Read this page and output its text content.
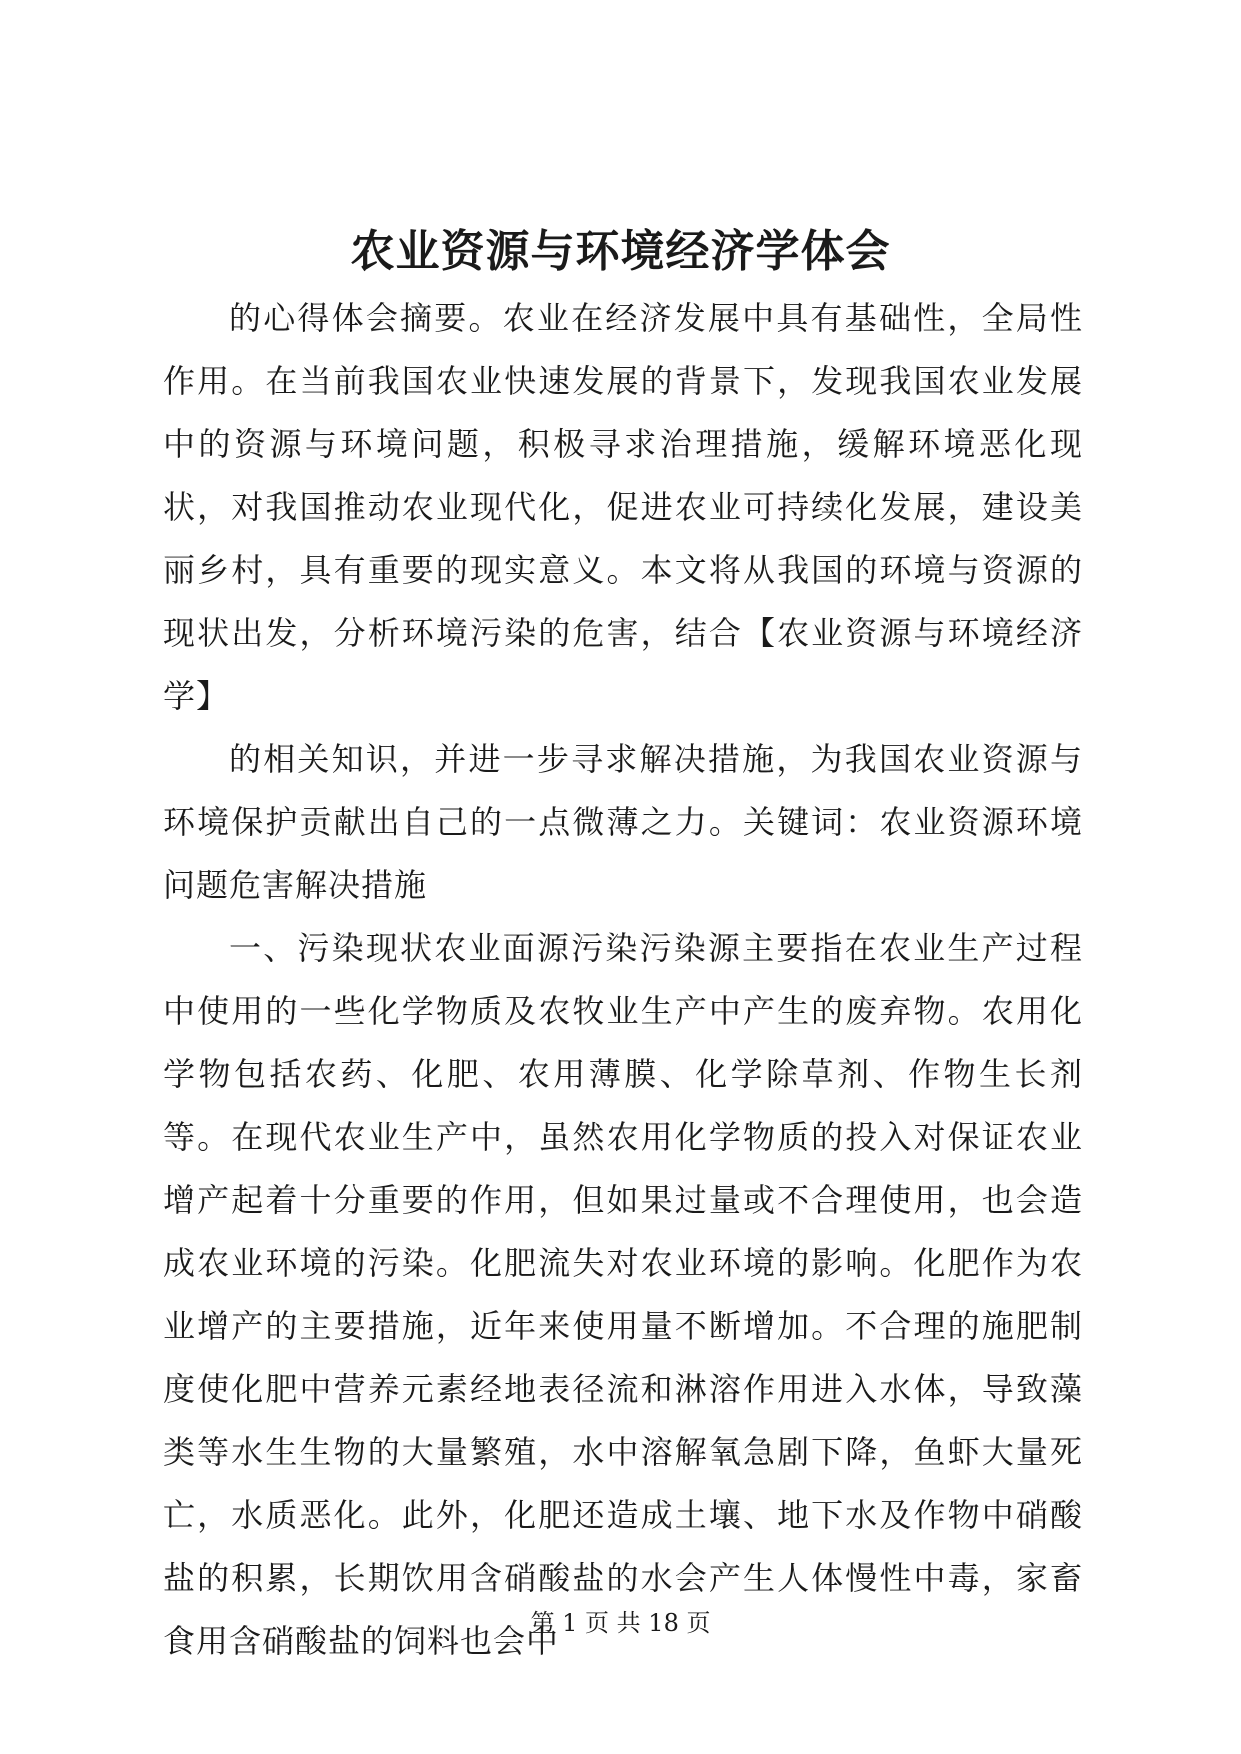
农业资源与环境经济学体会

的心得体会摘要。农业在经济发展中具有基础性，全局性作用。在当前我国农业快速发展的背景下，发现我国农业发展中的资源与环境问题，积极寻求治理措施，缓解环境恶化现状，对我国推动农业现代化，促进农业可持续化发展，建设美丽乡村，具有重要的现实意义。本文将从我国的环境与资源的现状出发，分析环境污染的危害，结合【农业资源与环境经济学】

的相关知识，并进一步寻求解决措施，为我国农业资源与环境保护贡献出自己的一点微薄之力。关键词：农业资源环境问题危害解决措施

一、污染现状农业面源污染污染源主要指在农业生产过程中使用的一些化学物质及农牧业生产中产生的废弃物。农用化学物包括农药、化肥、农用薄膜、化学除草剂、作物生长剂等。在现代农业生产中，虽然农用化学物质的投入对保证农业增产起着十分重要的作用，但如果过量或不合理使用，也会造成农业环境的污染。化肥流失对农业环境的影响。化肥作为农业增产的主要措施，近年来使用量不断增加。不合理的施肥制度使化肥中营养元素经地表径流和淋溶作用进入水体，导致藻类等水生生物的大量繁殖，水中溶解氧急剧下降，鱼虾大量死亡，水质恶化。此外，化肥还造成土壤、地下水及作物中硝酸盐的积累，长期饮用含硝酸盐的水会产生人体慢性中毒，家畜食用含硝酸盐的饲料也会中

第 1 页 共 18 页
